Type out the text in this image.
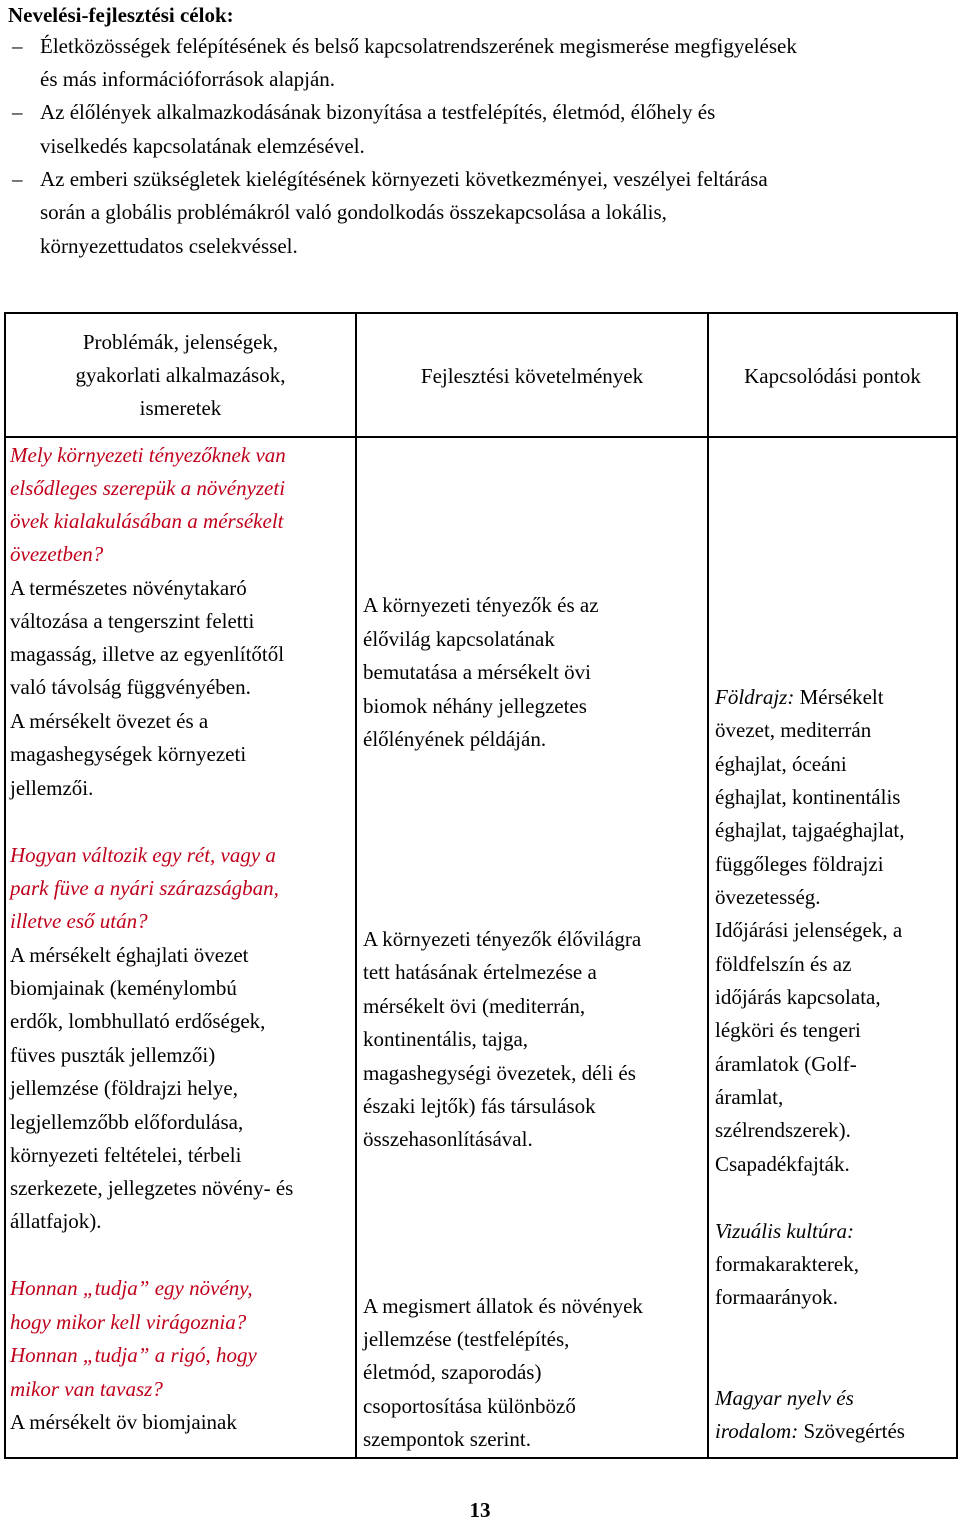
Nevelési-fejlesztési célok:
– Életközösségek felépítésének és belső kapcsolatrendszerének megismerése megfigyelések
és más információforrások alapján.
– Az élőlények alkalmazkodásának bizonyítása a testfelépítés, életmód, élőhely és
viselkedés kapcsolatának elemzésével.
– Az emberi szükségletek kielégítésének környezeti következményei, veszélyei feltárása
során a globális problémákról való gondolkodás összekapcsolása a lokális,
környezettudatos cselekvéssel.
Problémák, jelenségek,
gyakorlati alkalmazások,
ismeretek
Fejlesztési követelmények	Kapcsolódási pontok
Mely környezeti tényezőknek van
elsődleges szerepük a növényzeti
övek kialakulásában a mérsékelt
övezetben?
A természetes növénytakaró
változása a tengerszint feletti
magasság, illetve az egyenlítőtől
való távolság függvényében.
A mérsékelt övezet és a
magashegységek környezeti
jellemzői.
Hogyan változik egy rét, vagy a
park füve a nyári szárazságban,
illetve eső után?
A mérsékelt éghajlati övezet
biomjainak (keménylombú
erdők, lombhullató erdőségek,
füves puszták jellemzői)
jellemzése (földrajzi helye,
legjellemzőbb előfordulása,
környezeti feltételei, térbeli
szerkezete, jellegzetes növény- és
állatfajok).
Honnan „tudja” egy növény,
hogy mikor kell virágoznia?
Honnan „tudja” a rigó, hogy
mikor van tavasz?
A mérsékelt öv biomjainak
A környezeti tényezők és az
élővilág kapcsolatának
bemutatása a mérsékelt övi
biomok néhány jellegzetes
élőlényének példáján.
A környezeti tényezők élővilágra
tett hatásának értelmezése a
mérsékelt övi (mediterrán,
kontinentális, tajga,
magashegységi övezetek, déli és
északi lejtők) fás társulások
összehasonlításával.
A megismert állatok és növények
jellemzése (testfelépítés,
életmód, szaporodás)
csoportosítása különböző
szempontok szerint.
Földrajz: Mérsékelt
övezet, mediterrán
éghajlat, óceáni
éghajlat, kontinentális
éghajlat, tajgaéghajlat,
függőleges földrajzi
övezetesség.
Időjárási jelenségek, a
földfelszín és az
időjárás kapcsolata,
légköri és tengeri
áramlatok (Golf-
áramlat,
szélrendszerek).
Csapadékfajták.
Vizuális kultúra:
formakarakterek,
formaarányok.
Magyar nyelv és
irodalom: Szövegértés
13
